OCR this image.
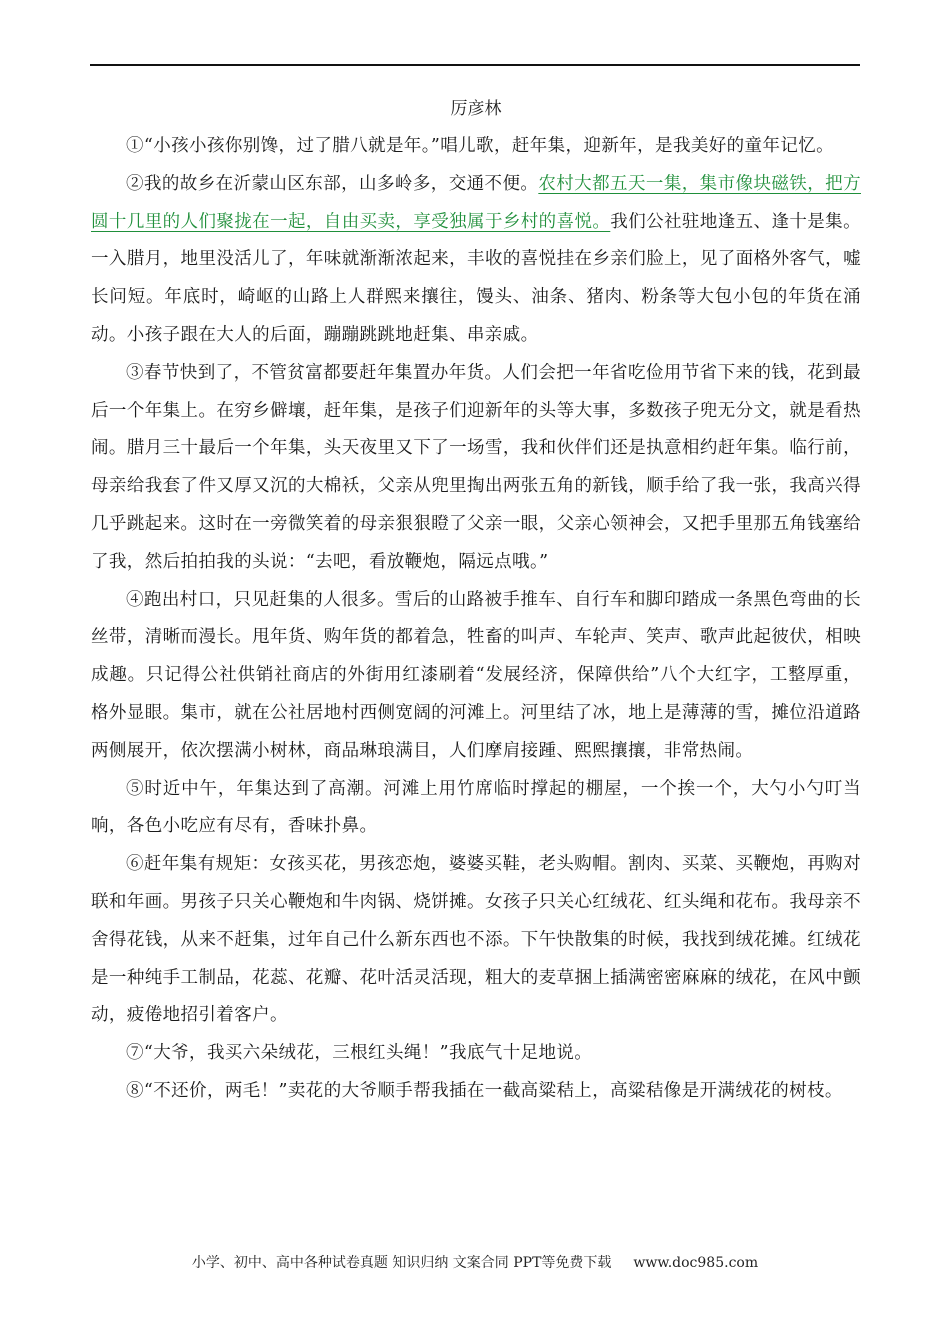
厉彦林

①“小孩小孩你别馋，过了腊八就是年。”唱儿歌，赶年集，迎新年，是我美好的童年记忆。

②我的故乡在沂蒙山区东部，山多岭多，交通不便。农村大都五天一集，集市像块磁铁，把方圆十几里的人们聚拢在一起，自由买卖，享受独属于乡村的喜悦。我们公社驻地逢五、逢十是集。一入腊月，地里没活儿了，年味就渐渐浓起来，丰收的喜悦挂在乡亲们脸上，见了面格外客气，嘘长问短。年底时，崎岖的山路上人群熙来攘往，馒头、油条、猪肉、粉条等大包小包的年货在涌动。小孩子跟在大人的后面，蹦蹦跳跳地赶集、串亲戚。

③春节快到了，不管贫富都要赶年集置办年货。人们会把一年省吃俭用节省下来的钱，花到最后一个年集上。在穷乡僻壤，赶年集，是孩子们迎新年的头等大事，多数孩子兜无分文，就是看热闹。腊月三十最后一个年集，头天夜里又下了一场雪，我和伙伴们还是执意相约赶年集。临行前，母亲给我套了件又厚又沉的大棉袄，父亲从兜里掏出两张五角的新钱，顺手给了我一张，我高兴得几乎跳起来。这时在一旁微笑着的母亲狠狠瞪了父亲一眼，父亲心领神会，又把手里那五角钱塞给了我，然后拍拍我的头说：“去吧，看放鞭炮，隔远点哦。”

④跑出村口，只见赶集的人很多。雪后的山路被手推车、自行车和脚印踏成一条黑色弯曲的长丝带，清晰而漫长。甩年货、购年货的都着急，牲畜的叫声、车轮声、笑声、歌声此起彼伏，相映成趣。只记得公社供销社商店的外街用红漆刷着“发展经济，保障供给”八个大红字，工整厚重，格外显眼。集市，就在公社居地村西侧宽阔的河滩上。河里结了冰，地上是薄薄的雪，摊位沿道路两侧展开，依次摆满小树林，商品琳琅满目，人们摩肩接踵、熙熙攘攘，非常热闹。

⑤时近中午，年集达到了高潮。河滩上用竹席临时撑起的棚屋，一个挨一个，大勺小勺叮当响，各色小吃应有尽有，香味扑鼻。

⑥赶年集有规矩：女孩买花，男孩恋炮，婆婆买鞋，老头购帽。割肉、买菜、买鞭炮，再购对联和年画。男孩子只关心鞭炮和牛肉锅、烧饼摊。女孩子只关心红绒花、红头绳和花布。我母亲不舍得花钱，从来不赶集，过年自己什么新东西也不添。下午快散集的时候，我找到绒花摊。红绒花是一种纯手工制品，花蕊、花瓣、花叶活灵活现，粗大的麦草捆上插满密密麻麻的绒花，在风中颤动，疲倦地招引着客户。

⑦“大爷，我买六朵绒花，三根红头绳！”我底气十足地说。

⑧“不还价，两毛！”卖花的大爷顺手帮我插在一截高粱秸上，高粱秸像是开满绒花的树枝。

小学、初中、高中各种试卷真题 知识归纳 文案合同 PPT等免费下载 www.doc985.com
